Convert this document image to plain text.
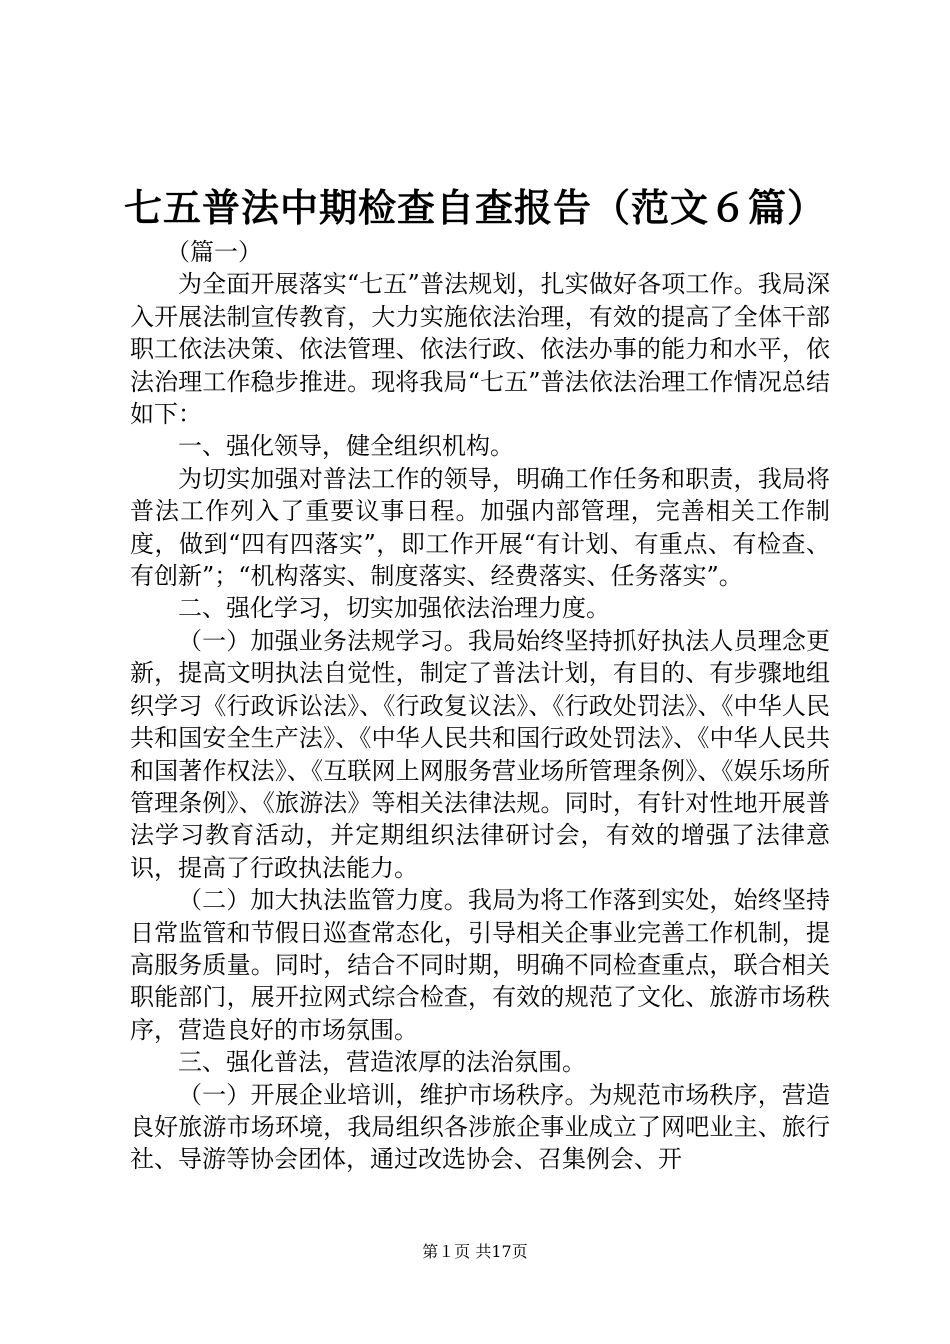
七五普法中期检查自查报告（范文６篇）

（篇一）

为全面开展落实“七五”普法规划，扎实做好各项工作。我局深入开展法制宣传教育，大力实施依法治理，有效的提高了全体干部职工依法决策、依法管理、依法行政、依法办事的能力和水平，依法治理工作稳步推进。现将我局“七五”普法依法治理工作情况总结如下：

一、强化领导，健全组织机构。

为切实加强对普法工作的领导，明确工作任务和职责，我局将普法工作列入了重要议事日程。加强内部管理，完善相关工作制度，做到“四有四落实”，即工作开展“有计划、有重点、有检查、有创新”；“机构落实、制度落实、经费落实、任务落实”。

二、强化学习，切实加强依法治理力度。

（一）加强业务法规学习。我局始终坚持抓好执法人员理念更新，提高文明执法自觉性，制定了普法计划，有目的、有步骤地组织学习《行政诉讼法》、《行政复议法》、《行政处罚法》、《中华人民共和国安全生产法》、《中华人民共和国行政处罚法》、《中华人民共和国著作权法》、《互联网上网服务营业场所管理条例》、《娱乐场所管理条例》、《旅游法》等相关法律法规。同时，有针对性地开展普法学习教育活动，并定期组织法律研讨会，有效的增强了法律意识，提高了行政执法能力。

（二）加大执法监管力度。我局为将工作落到实处，始终坚持日常监管和节假日巡查常态化，引导相关企事业完善工作机制，提高服务质量。同时，结合不同时期，明确不同检查重点，联合相关职能部门，展开拉网式综合检查，有效的规范了文化、旅游市场秩序，营造良好的市场氛围。

三、强化普法，营造浓厚的法治氛围。

（一）开展企业培训，维护市场秩序。为规范市场秩序，营造良好旅游市场环境，我局组织各涉旅企事业成立了网吧业主、旅行社、导游等协会团体，通过改选协会、召集例会、开

第１页 共17页
